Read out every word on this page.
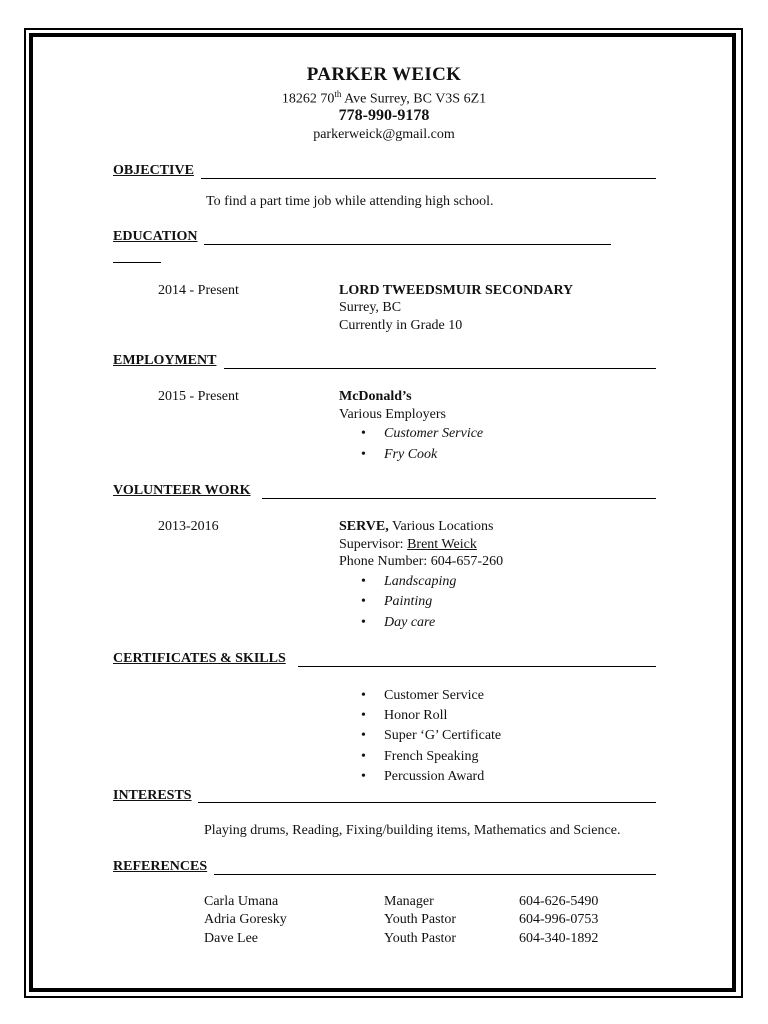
PARKER WEICK
18262 70th Ave Surrey, BC V3S 6Z1
778-990-9178
parkerweick@gmail.com
OBJECTIVE
To find a part time job while attending high school.
EDUCATION
2014 - Present	LORD TWEEDSMUIR SECONDARY
Surrey, BC
Currently in Grade 10
EMPLOYMENT
2015 - Present	McDonald’s
Various Employers
• Customer Service
• Fry Cook
VOLUNTEER WORK
2013-2016	SERVE, Various Locations
Supervisor: Brent Weick
Phone Number: 604-657-260
• Landscaping
• Painting
• Day care
CERTIFICATES & SKILLS
• Customer Service
• Honor Roll
• Super ‘G’ Certificate
• French Speaking
• Percussion Award
INTERESTS
Playing drums, Reading, Fixing/building items, Mathematics and Science.
REFERENCES
Carla Umana	Manager	604-626-5490
Adria Goresky	Youth Pastor	604-996-0753
Dave Lee	Youth Pastor	604-340-1892
